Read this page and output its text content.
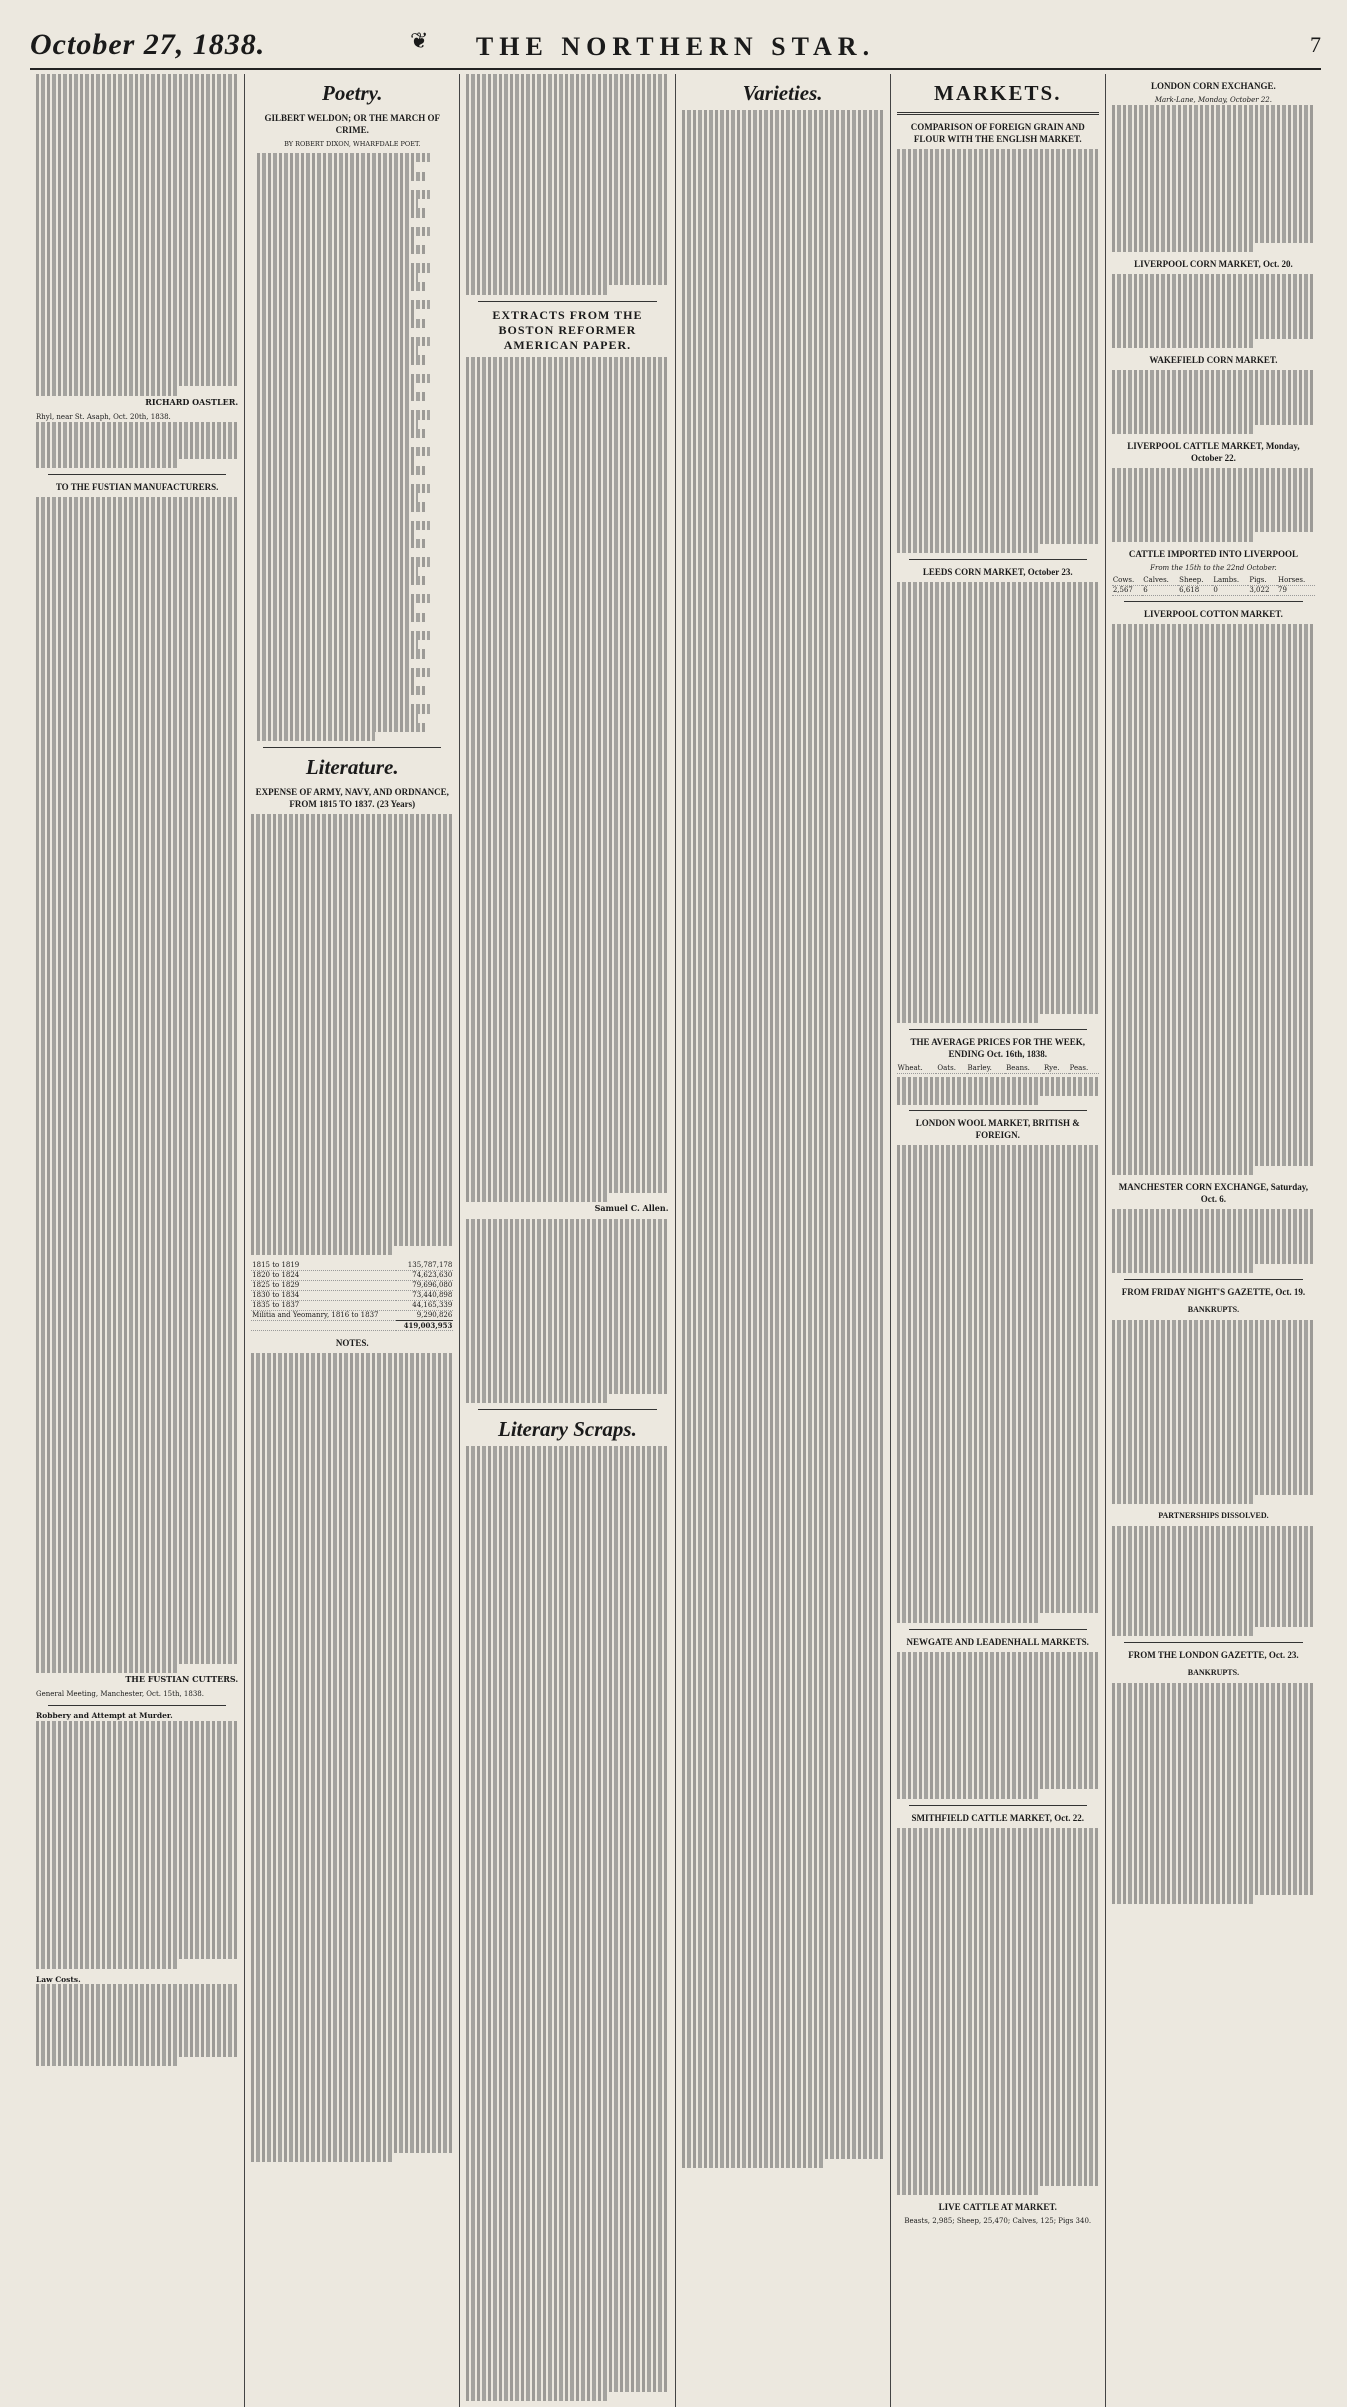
October 27, 1838.	❦	THE NORTHERN STAR.	7
RICHARD OASTLER.
Rhyl, near St. Asaph, Oct. 20th, 1838.
TO THE FUSTIAN MANUFACTURERS.
THE FUSTIAN CUTTERS.
General Meeting, Manchester, Oct. 15th, 1838.
Robbery and Attempt at Murder.
Law Costs.
Poetry.
GILBERT WELDON; OR THE MARCH OF CRIME.
BY ROBERT DIXON, WHARFDALE POET.
Literature.
EXPENSE OF ARMY, NAVY, AND ORDNANCE, FROM 1815 TO 1837. (23 Years)
1815 to 1819	135,787,178
1820 to 1824	74,623,630
1825 to 1829	79,696,080
1830 to 1834	73,440,898
1835 to 1837	44,165,339
Militia and Yeomanry, 1816 to 1837	9,290,826
	419,003,953
NOTES.
EXTRACTS FROM THE BOSTON REFORMER AMERICAN PAPER.
Samuel C. Allen.
Literary Scraps.
Varieties.	MARKETS.
COMPARISON OF FOREIGN GRAIN AND FLOUR WITH THE ENGLISH MARKET.
LEEDS CORN MARKET, October 23.
THE AVERAGE PRICES FOR THE WEEK, ENDING Oct. 16th, 1838.
Wheat.	Oats.	Barley.	Beans.	Rye.	Peas.
LONDON WOOL MARKET, BRITISH & FOREIGN.
NEWGATE AND LEADENHALL MARKETS.
SMITHFIELD CATTLE MARKET, Oct. 22.
LIVE CATTLE AT MARKET.
Beasts, 2,985; Sheep, 25,470; Calves, 125; Pigs 340.
LONDON CORN EXCHANGE.
Mark-Lane, Monday, October 22.
LIVERPOOL CORN MARKET, Oct. 20.
WAKEFIELD CORN MARKET.
LIVERPOOL CATTLE MARKET, Monday, October 22.
CATTLE IMPORTED INTO LIVERPOOL
From the 15th to the 22nd October.
Cows.	Calves.	Sheep.	Lambs.	Pigs.	Horses.
2,567	6	6,618	0	3,022	79
LIVERPOOL COTTON MARKET.
MANCHESTER CORN EXCHANGE, Saturday, Oct. 6.
FROM FRIDAY NIGHT'S GAZETTE, Oct. 19.
BANKRUPTS.
PARTNERSHIPS DISSOLVED.
FROM THE LONDON GAZETTE, Oct. 23.
BANKRUPTS.
